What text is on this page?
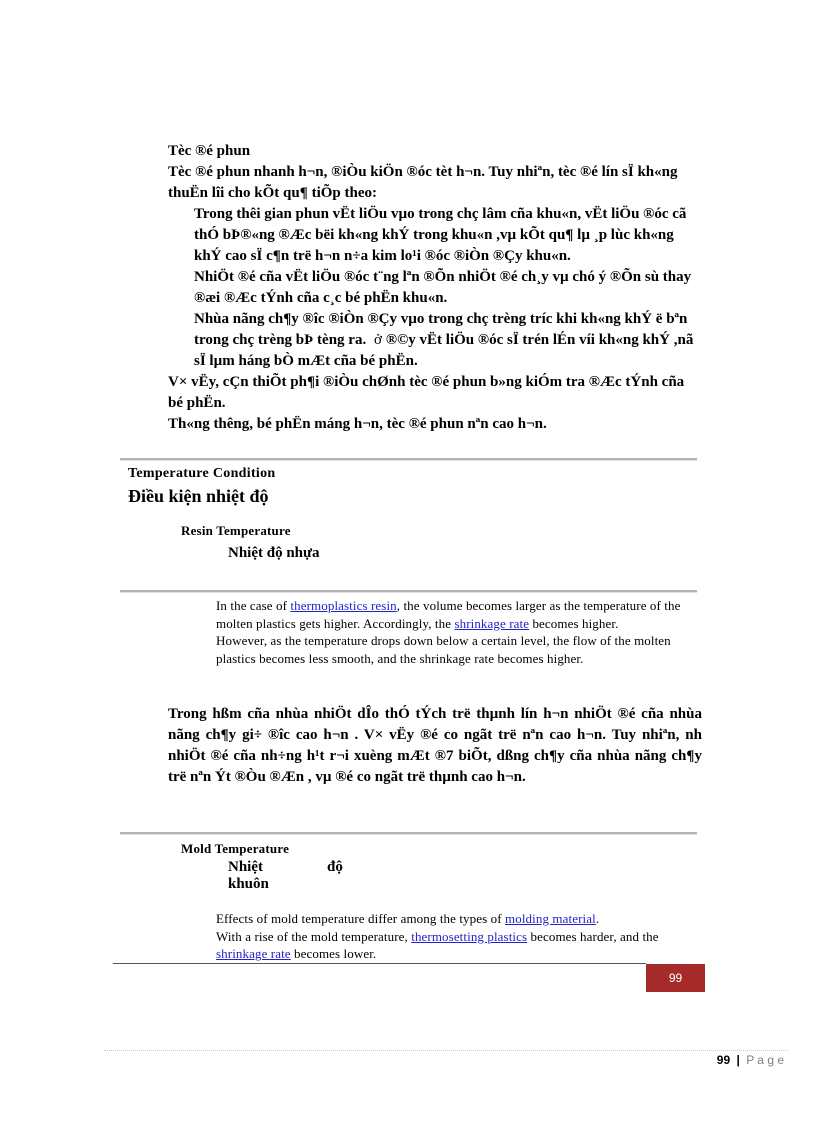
Tèc ®é phun

Tèc ®é phun nhanh h¬n, ®iÒu kiÖn ®óc tèt h¬n. Tuy nhiªn, tèc ®é lín sÏ kh«ng thuËn lîi cho kÕt qu¶ tiÕp theo:

Trong thêi gian phun vËt liÖu vµo trong chç lâm cña khu«n, vËt liÖu ®óc cã thÓ bÞ®«ng ®Æc bëi kh«ng khÝ trong khu«n ,vµ kÕt qu¶ lµ ¸p lùc kh«ng khÝ cao sÏ c¶n trë h¬n n÷a kim lo¹i ®óc ®iÒn ®Çy khu«n.

NhiÖt ®é cña vËt liÖu ®óc t¨ng lªn ®Õn nhiÖt ®é ch¸y vµ chó ý ®Õn sù thay ®æi ®Æc tÝnh cña c¸c bé phËn khu«n.

Nhùa nãng ch¶y ®îc ®iÒn ®Çy vµo trong chç trèng tríc khi kh«ng khÝ ë bªn trong chç trèng bÞ tèng ra. ở ®©y vËt liÖu ®óc sÏ trén lÉn víi kh«ng khÝ ,nã sÏ lµm háng bÒ mÆt cña bé phËn.

V× vËy, cÇn thiÕt ph¶i ®iÒu chØnh tèc ®é phun b»ng kiÓm tra ®Æc tÝnh cña bé phËn.

Th«ng thêng, bé phËn máng h¬n, tèc ®é phun nªn cao h¬n.

Temperature Condition
Điều kiện nhiệt độ
Resin Temperature
Nhiệt độ nhựa

In the case of thermoplastics resin, the volume becomes larger as the temperature of the molten plastics gets higher. Accordingly, the shrinkage rate becomes higher.

However, as the temperature drops down below a certain level, the flow of the molten plastics becomes less smooth, and the shrinkage rate becomes higher.

Trong hßm cña nhùa nhiÖt dÎo thÓ tÝch trë thµnh lín h¬n nhiÖt ®é cña nhùa nãng ch¶y gi÷ ®îc cao h¬n . V× vËy ®é co ngãt trë nªn cao h¬n. Tuy nhiªn, nh nhiÖt ®é cña nh÷ng h¹t r¬i xuèng mÆt ®7 biÕt, dßng ch¶y cña nhùa nãng ch¶y trë nªn Ýt ®Òu ®Æn , vµ ®é co ngãt trë thµnh cao h¬n.
Mold Temperature
Nhiệt	độ
khuôn

Effects of mold temperature differ among the types of molding material.

With a rise of the mold temperature, thermosetting plastics becomes harder, and the shrinkage rate becomes lower.

99
99 | P a g e
